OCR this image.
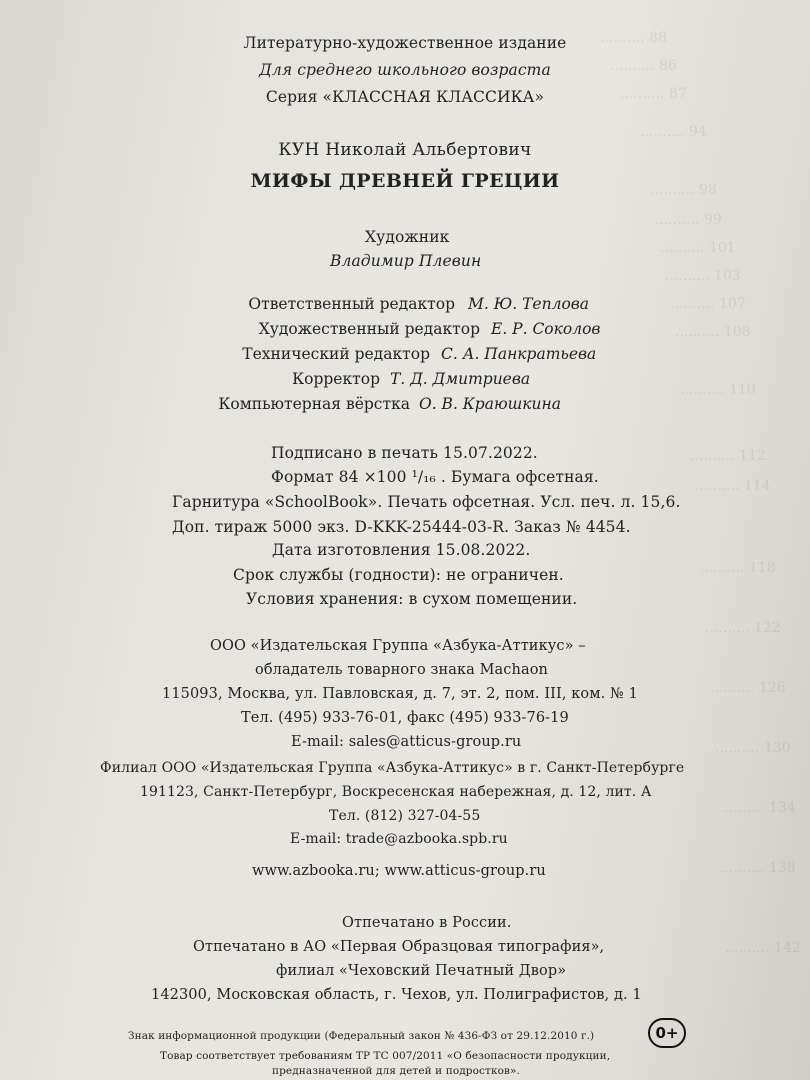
.......... 88
.......... 86
.......... 87
.......... 94
.......... 98
.......... 99
.......... 101
.......... 103
.......... 107
.......... 108
.......... 110
.......... 112
.......... 114
.......... 118
.......... 122
.......... 126
.......... 130
.......... 134
.......... 138
.......... 142
Литературно-художественное издание
Для среднего школьного возраста
Серия «КЛАССНАЯ КЛАССИКА»
КУН Николай Альбертович
МИФЫ ДРЕВНЕЙ ГРЕЦИИ
Художник
Владимир Плевин
Ответственный редактор М. Ю. Теплова
Художественный редактор Е. Р. Соколов
Технический редактор С. А. Панкратьева
Корректор Т. Д. Дмитриева
Компьютерная вёрстка О. В. Краюшкина
Подписано в печать 15.07.2022.
Формат 84 ×100 ¹/₁₆ . Бумага офсетная.
Гарнитура «SchoolBook». Печать офсетная. Усл. печ. л. 15,6.
Доп. тираж 5000 экз. D-KKK-25444-03-R. Заказ № 4454.
Дата изготовления 15.08.2022.
Срок службы (годности): не ограничен.
Условия хранения: в сухом помещении.
ООО «Издательская Группа «Азбука-Аттикус» –
обладатель товарного знака Machaon
115093, Москва, ул. Павловская, д. 7, эт. 2, пом. III, ком. № 1
Тел. (495) 933-76-01, факс (495) 933-76-19
E-mail: sales@atticus-group.ru
Филиал ООО «Издательская Группа «Азбука-Аттикус» в г. Санкт-Петербурге
191123, Санкт-Петербург, Воскресенская набережная, д. 12, лит. А
Тел. (812) 327-04-55
E-mail: trade@azbooka.spb.ru
www.azbooka.ru; www.atticus-group.ru
Отпечатано в России.
Отпечатано в АО «Первая Образцовая типография»,
филиал «Чеховский Печатный Двор»
142300, Московская область, г. Чехов, ул. Полиграфистов, д. 1
Знак информационной продукции (Федеральный закон № 436-ФЗ от 29.12.2010 г.)	0+
Товар соответствует требованиям ТР ТС 007/2011 «О безопасности продукции,
предназначенной для детей и подростков».
